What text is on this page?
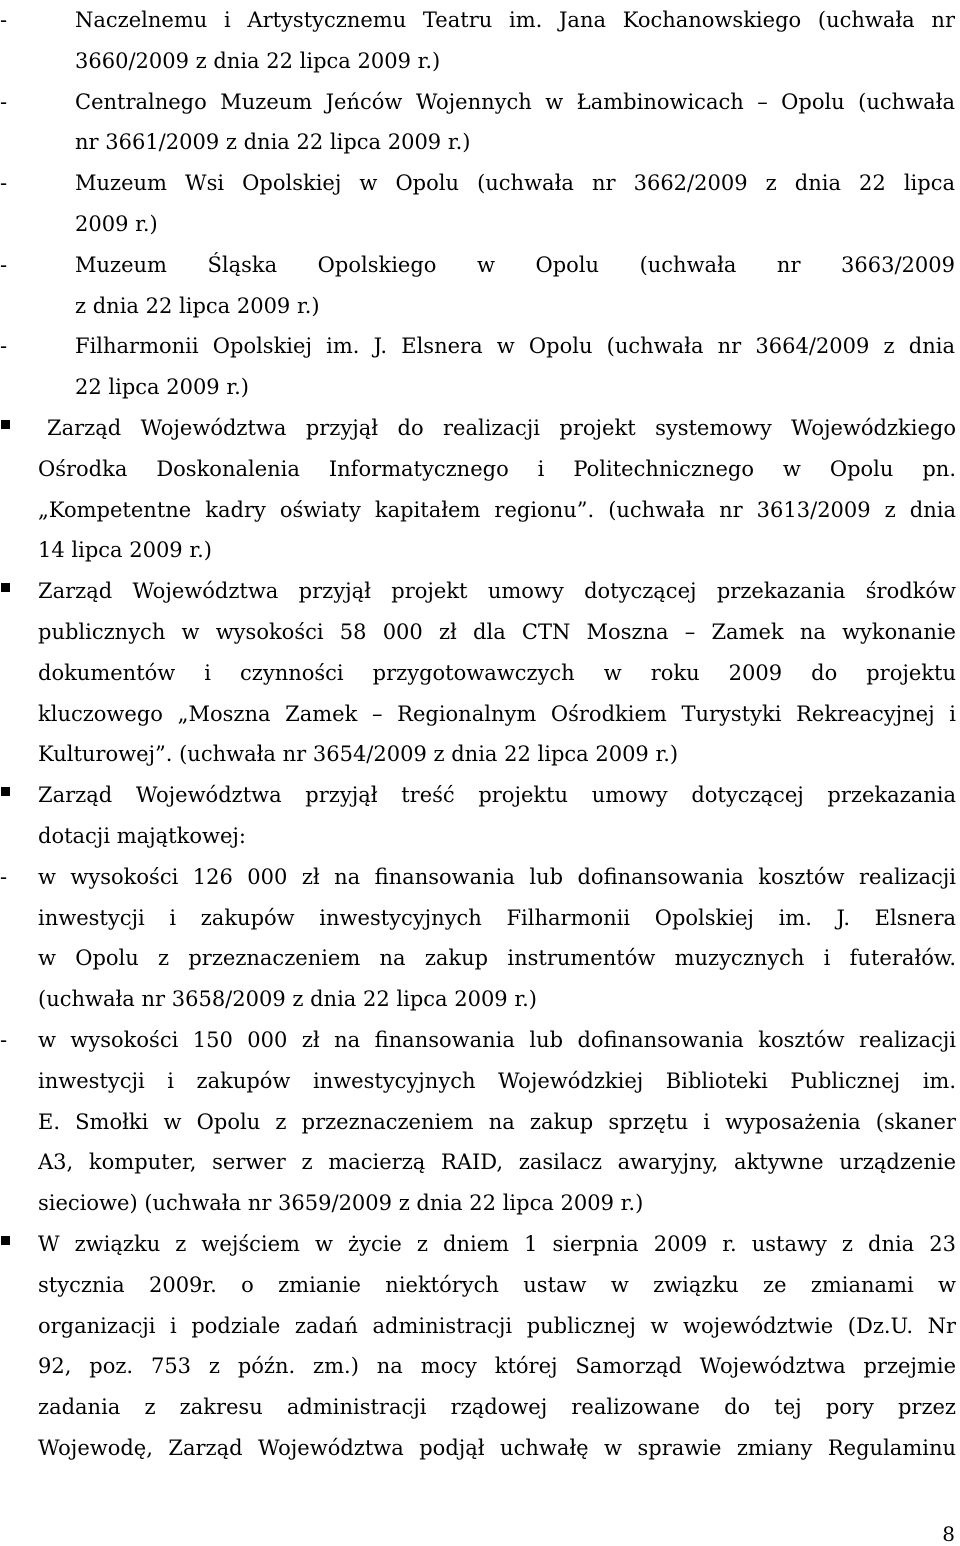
-	Naczelnemu i Artystycznemu Teatru im. Jana Kochanowskiego (uchwała nr
3660/2009 z dnia 22 lipca 2009 r.)
-	Centralnego Muzeum Jeńców Wojennych w Łambinowicach – Opolu (uchwała
nr 3661/2009 z dnia 22 lipca 2009 r.)
-	Muzeum Wsi Opolskiej w Opolu (uchwała nr 3662/2009 z dnia 22 lipca
2009 r.)
-	Muzeum Śląska Opolskiego w Opolu (uchwała nr 3663/2009
z dnia 22 lipca 2009 r.)
-	Filharmonii Opolskiej im. J. Elsnera w Opolu (uchwała nr 3664/2009 z dnia
22 lipca 2009 r.)
Zarząd Województwa przyjął do realizacji projekt systemowy Wojewódzkiego
Ośrodka Doskonalenia Informatycznego i Politechnicznego w Opolu pn.
„Kompetentne kadry oświaty kapitałem regionu”. (uchwała nr 3613/2009 z dnia
14 lipca 2009 r.)
Zarząd Województwa przyjął projekt umowy dotyczącej przekazania środków
publicznych w wysokości 58 000 zł dla CTN Moszna – Zamek na wykonanie
dokumentów i czynności przygotowawczych w roku 2009 do projektu
kluczowego „Moszna Zamek – Regionalnym Ośrodkiem Turystyki Rekreacyjnej i
Kulturowej”. (uchwała nr 3654/2009 z dnia 22 lipca 2009 r.)
Zarząd Województwa przyjął treść projektu umowy dotyczącej przekazania
dotacji majątkowej:
- w wysokości 126 000 zł na finansowania lub dofinansowania kosztów realizacji
inwestycji i zakupów inwestycyjnych Filharmonii Opolskiej im. J. Elsnera
w Opolu z przeznaczeniem na zakup instrumentów muzycznych i futerałów.
(uchwała nr 3658/2009 z dnia 22 lipca 2009 r.)
- w wysokości 150 000 zł na finansowania lub dofinansowania kosztów realizacji
inwestycji i zakupów inwestycyjnych Wojewódzkiej Biblioteki Publicznej im.
E. Smołki w Opolu z przeznaczeniem na zakup sprzętu i wyposażenia (skaner
A3, komputer, serwer z macierzą RAID, zasilacz awaryjny, aktywne urządzenie
sieciowe) (uchwała nr 3659/2009 z dnia 22 lipca 2009 r.)
W związku z wejściem w życie z dniem 1 sierpnia 2009 r. ustawy z dnia 23
stycznia 2009r. o zmianie niektórych ustaw w związku ze zmianami w
organizacji i podziale zadań administracji publicznej w województwie (Dz.U. Nr
92, poz. 753 z późn. zm.) na mocy której Samorząd Województwa przejmie
zadania z zakresu administracji rządowej realizowane do tej pory przez
Wojewodę, Zarząd Województwa podjął uchwałę w sprawie zmiany Regulaminu
8
